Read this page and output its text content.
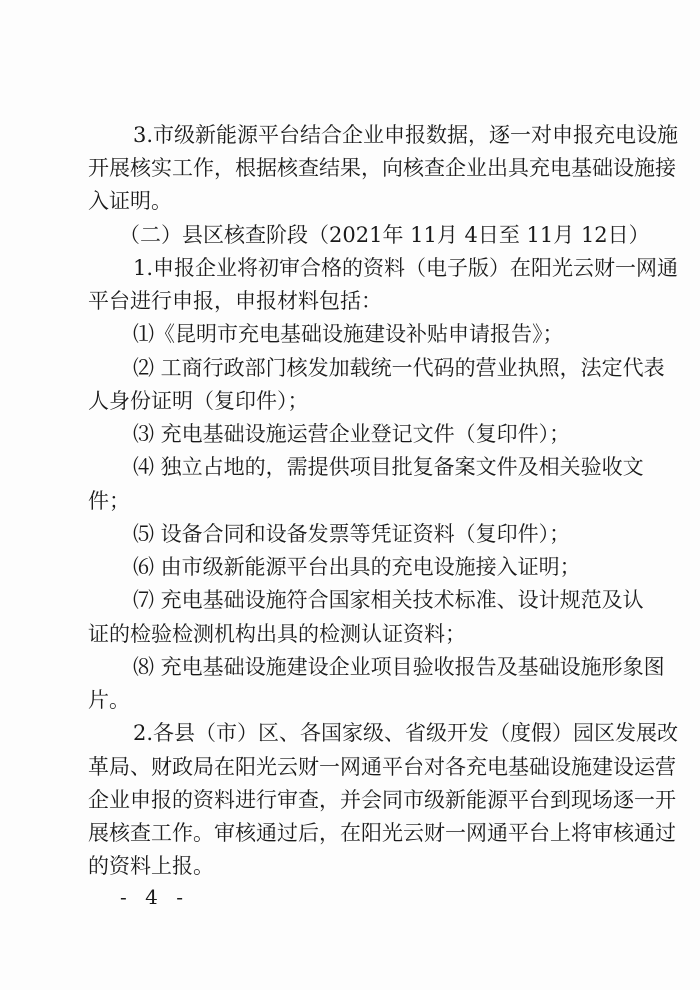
3.市级新能源平台结合企业申报数据，逐一对申报充电设施
开展核实工作，根据核查结果，向核查企业出具充电基础设施接
入证明。
（二）县区核查阶段（2021年 11月 4日至 11月 12日）
1.申报企业将初审合格的资料（电子版）在阳光云财一网通
平台进行申报，申报材料包括：
⑴《昆明市充电基础设施建设补贴申请报告》；
⑵ 工商行政部门核发加载统一代码的营业执照，法定代表
人身份证明（复印件）；
⑶ 充电基础设施运营企业登记文件（复印件）；
⑷ 独立占地的，需提供项目批复备案文件及相关验收文
件；
⑸ 设备合同和设备发票等凭证资料（复印件）；
⑹ 由市级新能源平台出具的充电设施接入证明；
⑺ 充电基础设施符合国家相关技术标准、设计规范及认
证的检验检测机构出具的检测认证资料；
⑻ 充电基础设施建设企业项目验收报告及基础设施形象图
片。
2.各县（市）区、各国家级、省级开发（度假）园区发展改
革局、财政局在阳光云财一网通平台对各充电基础设施建设运营
企业申报的资料进行审查，并会同市级新能源平台到现场逐一开
展核查工作。审核通过后，在阳光云财一网通平台上将审核通过
的资料上报。
- 4 -
